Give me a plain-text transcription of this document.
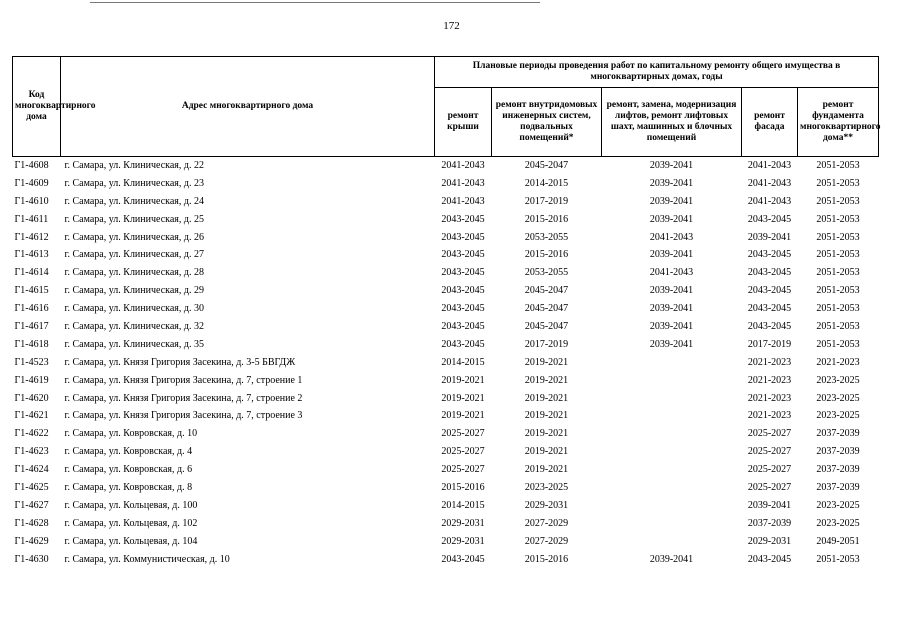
172
Код многоквартирного дома	Адрес многоквартирного дома	Плановые периоды проведения работ по капитальному ремонту общего имущества в многоквартирных домах, годы				
		ремонт крыши	ремонт внутридомовых инженерных систем, подвальных помещений*	ремонт, замена, модернизация лифтов, ремонт лифтовых шахт, машинных и блочных помещений	ремонт фасада	ремонт фундамента многоквартирного дома**
Г1-4608	г. Самара, ул. Клиническая, д. 22	2041-2043	2045-2047	2039-2041	2041-2043	2051-2053
Г1-4609	г. Самара, ул. Клиническая, д. 23	2041-2043	2014-2015	2039-2041	2041-2043	2051-2053
Г1-4610	г. Самара, ул. Клиническая, д. 24	2041-2043	2017-2019	2039-2041	2041-2043	2051-2053
Г1-4611	г. Самара, ул. Клиническая, д. 25	2043-2045	2015-2016	2039-2041	2043-2045	2051-2053
Г1-4612	г. Самара, ул. Клиническая, д. 26	2043-2045	2053-2055	2041-2043	2039-2041	2051-2053
Г1-4613	г. Самара, ул. Клиническая, д. 27	2043-2045	2015-2016	2039-2041	2043-2045	2051-2053
Г1-4614	г. Самара, ул. Клиническая, д. 28	2043-2045	2053-2055	2041-2043	2043-2045	2051-2053
Г1-4615	г. Самара, ул. Клиническая, д. 29	2043-2045	2045-2047	2039-2041	2043-2045	2051-2053
Г1-4616	г. Самара, ул. Клиническая, д. 30	2043-2045	2045-2047	2039-2041	2043-2045	2051-2053
Г1-4617	г. Самара, ул. Клиническая, д. 32	2043-2045	2045-2047	2039-2041	2043-2045	2051-2053
Г1-4618	г. Самара, ул. Клиническая, д. 35	2043-2045	2017-2019	2039-2041	2017-2019	2051-2053
Г1-4523	г. Самара, ул. Князя Григория Засекина, д. 3-5 БВГДЖ	2014-2015	2019-2021		2021-2023	2021-2023
Г1-4619	г. Самара, ул. Князя Григория Засекина, д. 7, строение 1	2019-2021	2019-2021		2021-2023	2023-2025
Г1-4620	г. Самара, ул. Князя Григория Засекина, д. 7, строение 2	2019-2021	2019-2021		2021-2023	2023-2025
Г1-4621	г. Самара, ул. Князя Григория Засекина, д. 7, строение 3	2019-2021	2019-2021		2021-2023	2023-2025
Г1-4622	г. Самара, ул. Ковровская, д. 10	2025-2027	2019-2021		2025-2027	2037-2039
Г1-4623	г. Самара, ул. Ковровская, д. 4	2025-2027	2019-2021		2025-2027	2037-2039
Г1-4624	г. Самара, ул. Ковровская, д. 6	2025-2027	2019-2021		2025-2027	2037-2039
Г1-4625	г. Самара, ул. Ковровская, д. 8	2015-2016	2023-2025		2025-2027	2037-2039
Г1-4627	г. Самара, ул. Кольцевая, д. 100	2014-2015	2029-2031		2039-2041	2023-2025
Г1-4628	г. Самара, ул. Кольцевая, д. 102	2029-2031	2027-2029		2037-2039	2023-2025
Г1-4629	г. Самара, ул. Кольцевая, д. 104	2029-2031	2027-2029		2029-2031	2049-2051
Г1-4630	г. Самара, ул. Коммунистическая, д. 10	2043-2045	2015-2016	2039-2041	2043-2045	2051-2053
